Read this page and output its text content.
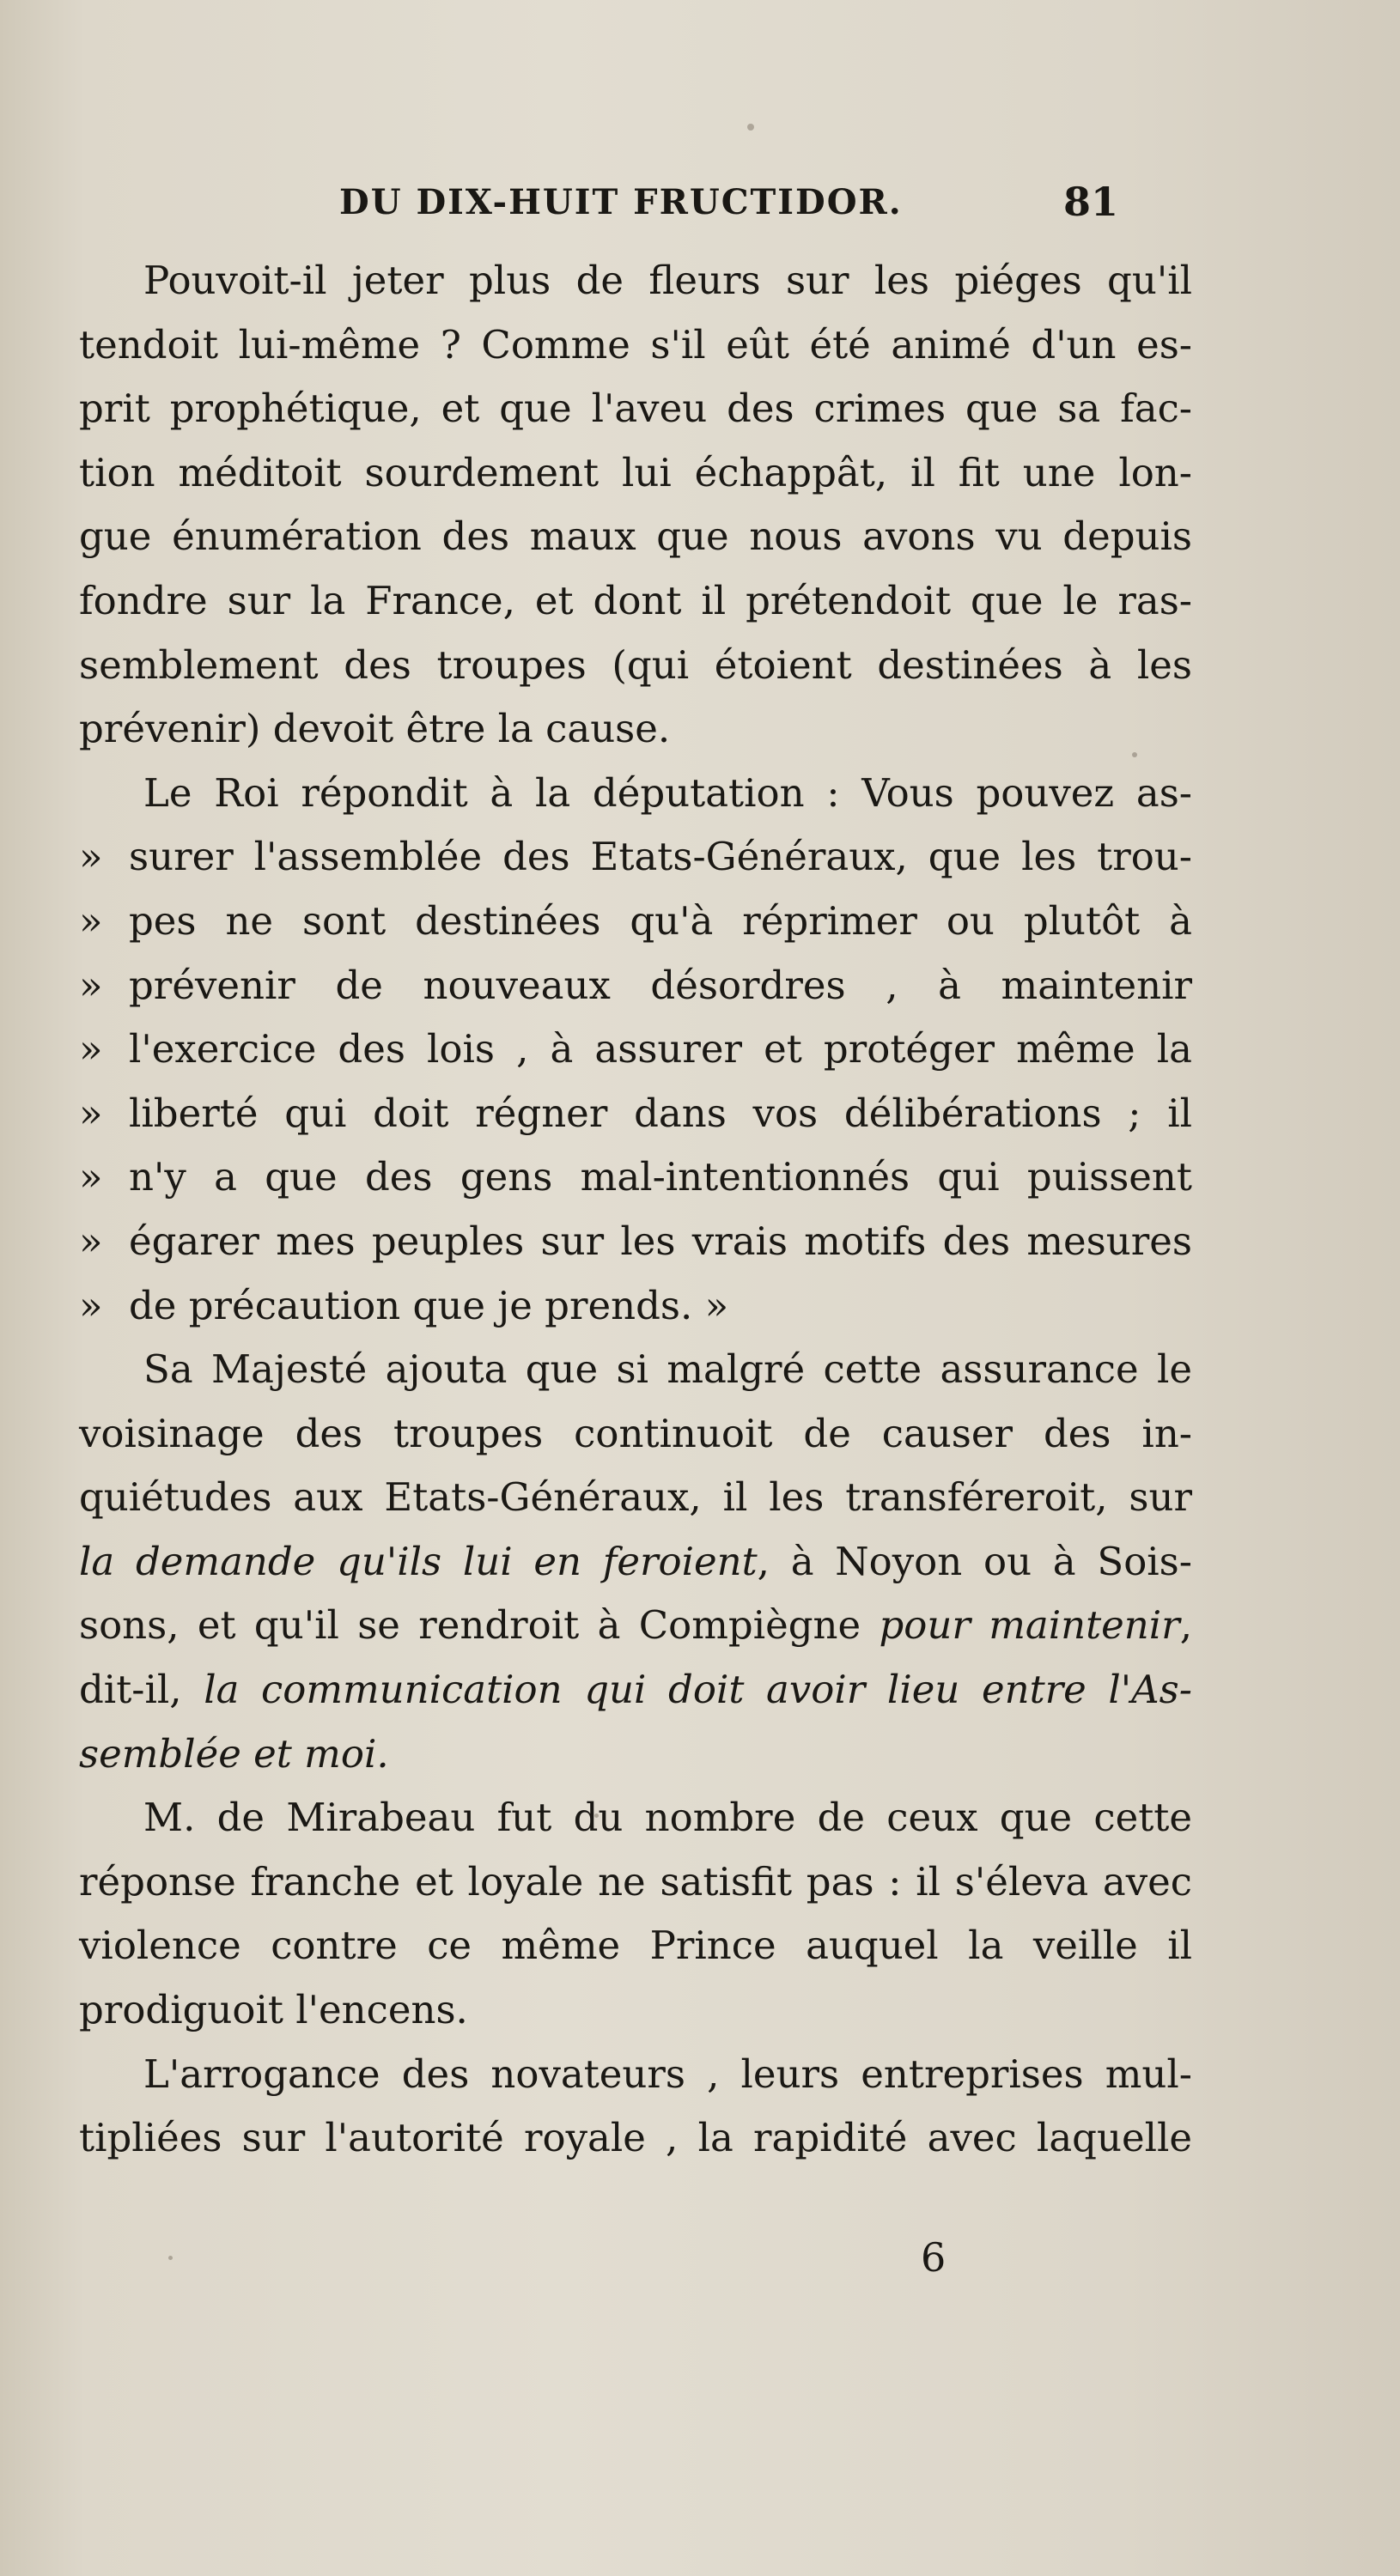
DU DIX-HUIT FRUCTIDOR.	81
Pouvoit-il jeter plus de fleurs sur les piéges qu'il
tendoit lui-même ? Comme s'il eût été animé d'un es-
prit prophétique, et que l'aveu des crimes que sa fac-
tion méditoit sourdement lui échappât, il fit une lon-
gue énumération des maux que nous avons vu depuis
fondre sur la France, et dont il prétendoit que le ras-
semblement des troupes (qui étoient destinées à les
prévenir) devoit être la cause.
Le Roi répondit à la députation : Vous pouvez as-
» surer l'assemblée des Etats-Généraux, que les trou-
» pes ne sont destinées qu'à réprimer ou plutôt à
» prévenir de nouveaux désordres , à maintenir
» l'exercice des lois , à assurer et protéger même la
» liberté qui doit régner dans vos délibérations ; il
» n'y a que des gens mal-intentionnés qui puissent
» égarer mes peuples sur les vrais motifs des mesures
» de précaution que je prends. »
Sa Majesté ajouta que si malgré cette assurance le
voisinage des troupes continuoit de causer des in-
quiétudes aux Etats-Généraux, il les transféreroit, sur
la demande qu'ils lui en feroient, à Noyon ou à Sois-
sons, et qu'il se rendroit à Compiègne pour maintenir,
dit-il, la communication qui doit avoir lieu entre l'As-
semblée et moi.
M. de Mirabeau fut du nombre de ceux que cette
réponse franche et loyale ne satisfit pas : il s'éleva avec
violence contre ce même Prince auquel la veille il
prodiguoit l'encens.
L'arrogance des novateurs , leurs entreprises mul-
tipliées sur l'autorité royale , la rapidité avec laquelle
6
